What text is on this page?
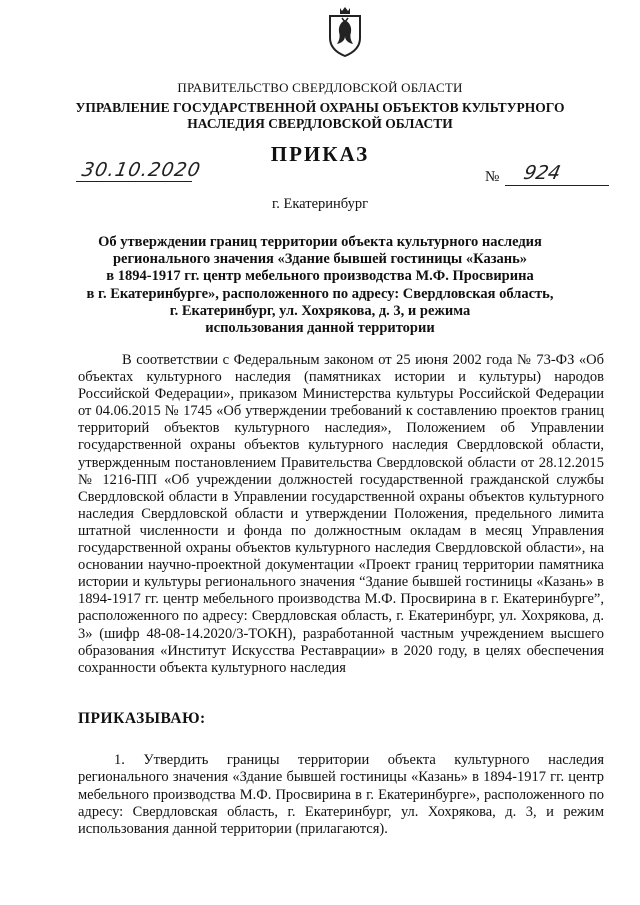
ПРАВИТЕЛЬСТВО СВЕРДЛОВСКОЙ ОБЛАСТИ
УПРАВЛЕНИЕ ГОСУДАРСТВЕННОЙ ОХРАНЫ ОБЪЕКТОВ КУЛЬТУРНОГО НАСЛЕДИЯ СВЕРДЛОВСКОЙ ОБЛАСТИ
ПРИКАЗ
30.10.2020	№ 924
г. Екатеринбург
Об утверждении границ территории объекта культурного наследия
регионального значения «Здание бывшей гостиницы «Казань»
в 1894-1917 гг. центр мебельного производства М.Ф. Просвирина
в г. Екатеринбурге», расположенного по адресу: Свердловская область,
г. Екатеринбург, ул. Хохрякова, д. 3, и режима
использования данной территории

В соответствии с Федеральным законом от 25 июня 2002 года № 73-ФЗ «Об объектах культурного наследия (памятниках истории и культуры) народов Российской Федерации», приказом Министерства культуры Российской Федерации от 04.06.2015 № 1745 «Об утверждении требований к составлению проектов границ территорий объектов культурного наследия», Положением об Управлении государственной охраны объектов культурного наследия Свердловской области, утвержденным постановлением Правительства Свердловской области от 28.12.2015 № 1216-ПП «Об учреждении должностей государственной гражданской службы Свердловской области в Управлении государственной охраны объектов культурного наследия Свердловской области и утверждении Положения, предельного лимита штатной численности и фонда по должностным окладам в месяц Управления государственной охраны объектов культурного наследия Свердловской области», на основании научно-проектной документации «Проект границ территории памятника истории и культуры регионального значения “Здание бывшей гостиницы «Казань» в 1894-1917 гг. центр мебельного производства М.Ф. Просвирина в г. Екатеринбурге”, расположенного по адресу: Свердловская область, г. Екатеринбург, ул. Хохрякова, д. 3» (шифр 48-08-14.2020/3-ТОКН), разработанной частным учреждением высшего образования «Институт Искусства Реставрации» в 2020 году, в целях обеспечения сохранности объекта культурного наследия

ПРИКАЗЫВАЮ:

1. Утвердить границы территории объекта культурного наследия регионального значения «Здание бывшей гостиницы «Казань» в 1894-1917 гг. центр мебельного производства М.Ф. Просвирина в г. Екатеринбурге», расположенного по адресу: Свердловская область, г. Екатеринбург, ул. Хохрякова, д. 3, и режим использования данной территории (прилагаются).
